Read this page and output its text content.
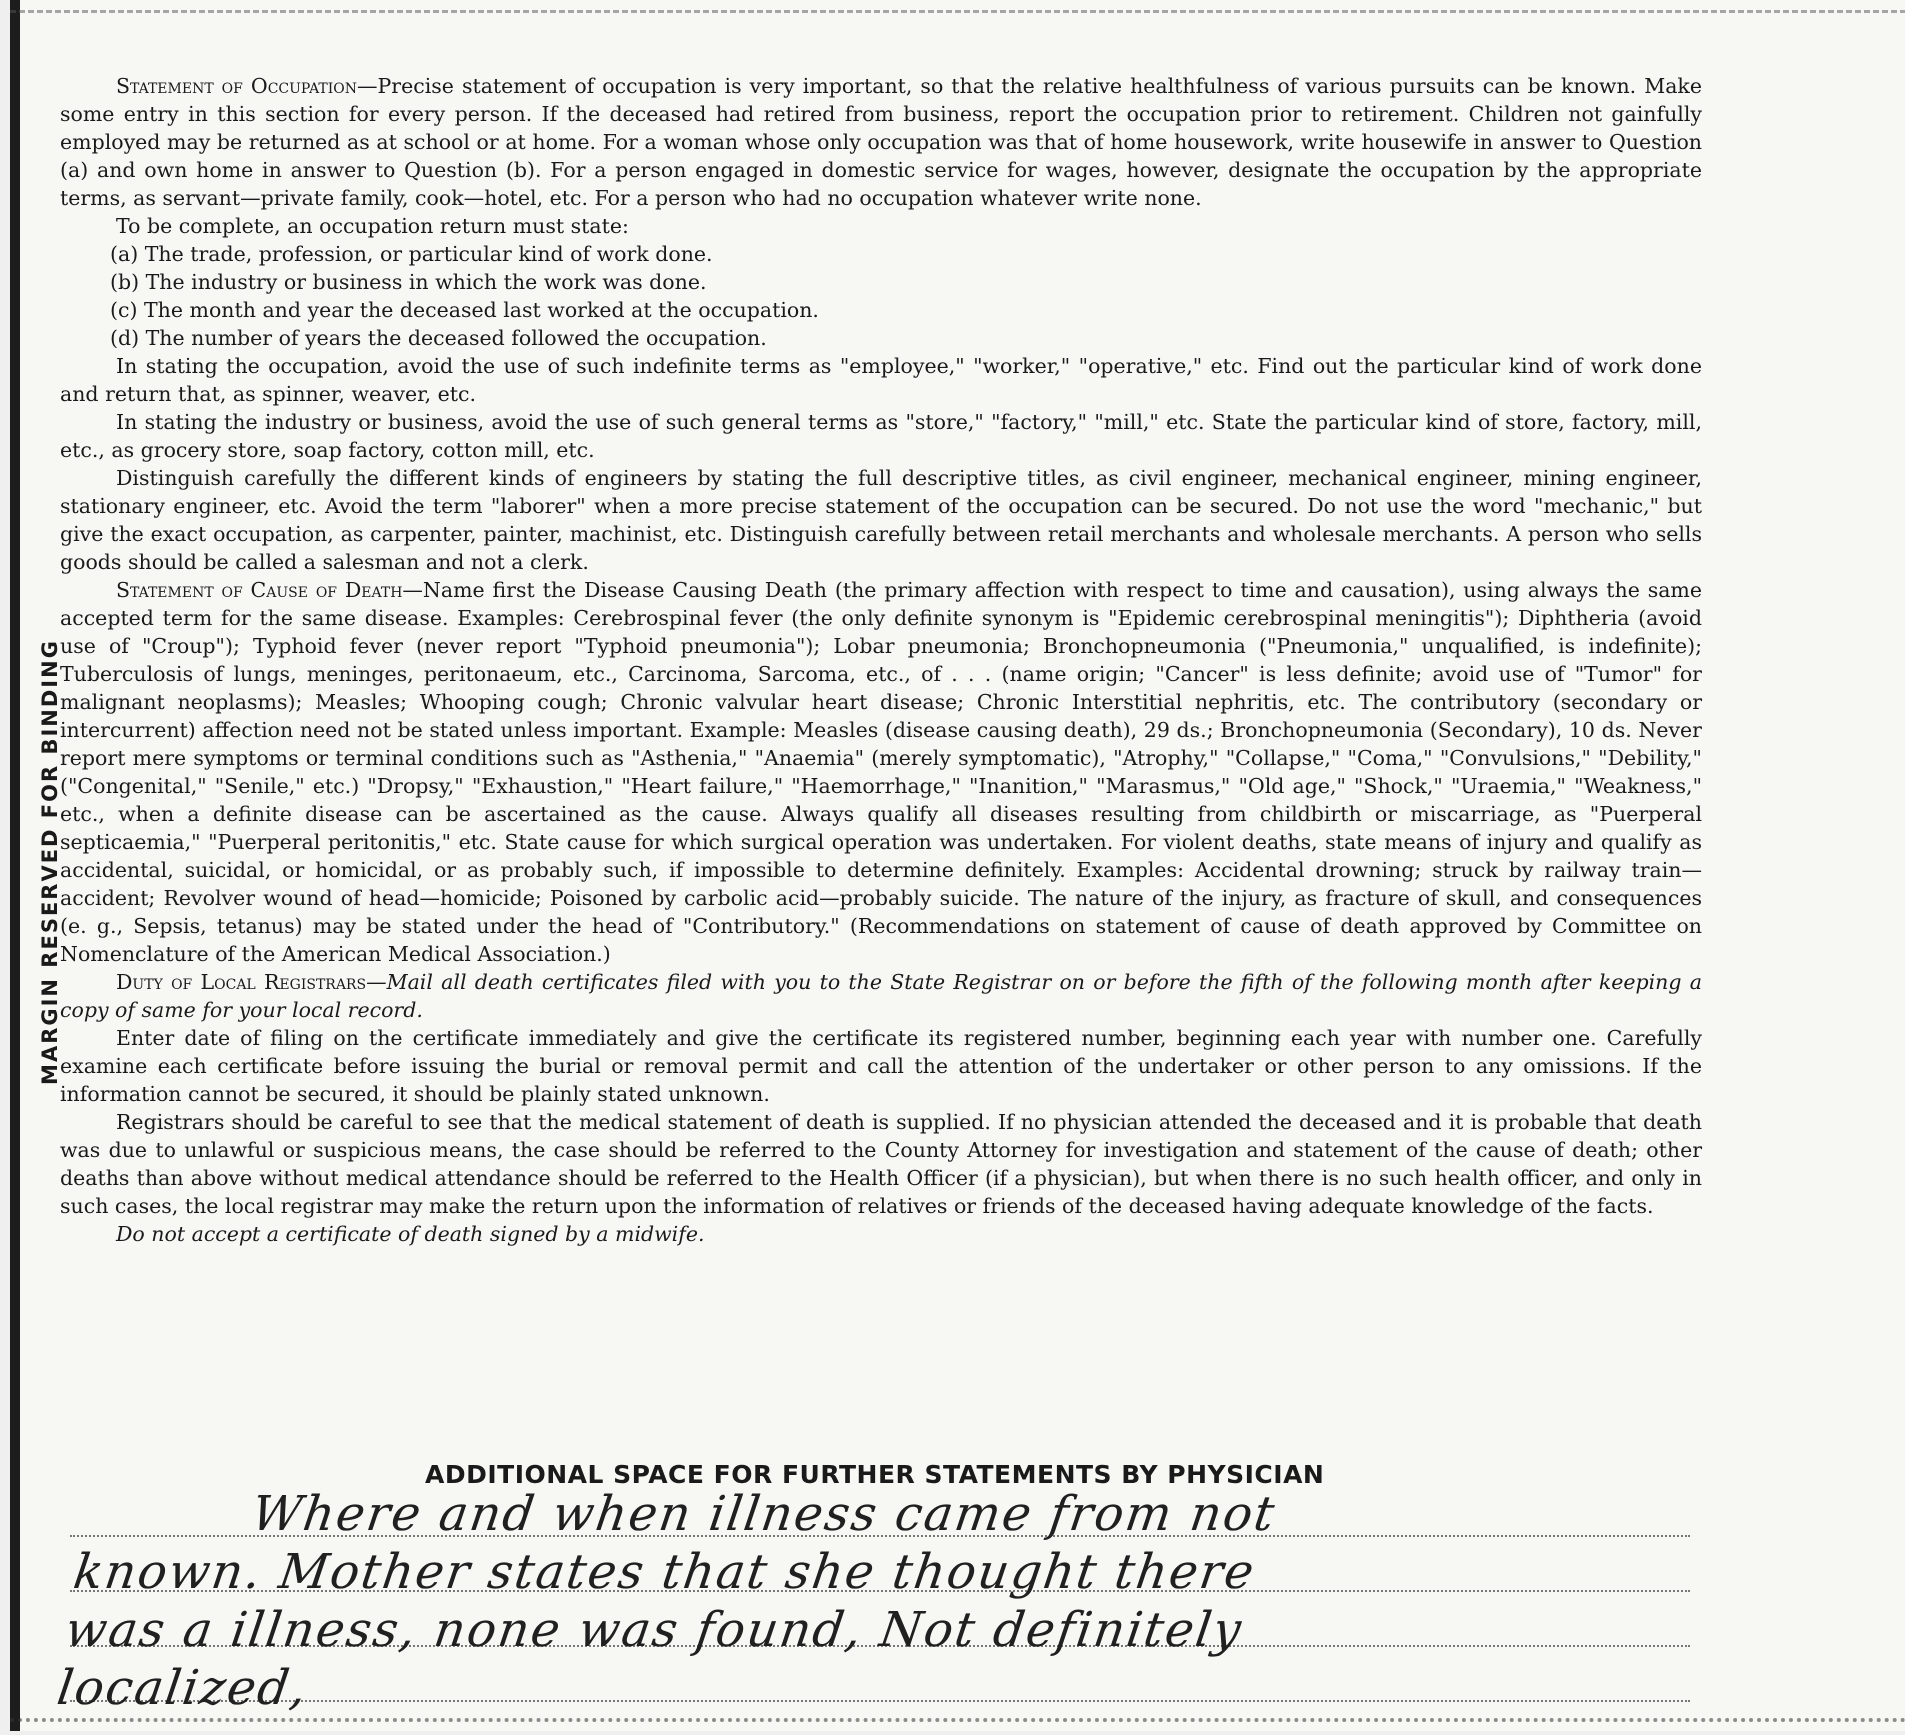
MARGIN RESERVED FOR BINDING

Statement of Occupation—Precise statement of occupation is very important, so that the relative healthfulness of various pursuits can be known. Make some entry in this section for every person. If the deceased had retired from business, report the occupation prior to retirement. Children not gainfully employed may be returned as at school or at home. For a woman whose only occupation was that of home housework, write housewife in answer to Question (a) and own home in answer to Question (b). For a person engaged in domestic service for wages, however, designate the occupation by the appropriate terms, as servant—private family, cook—hotel, etc. For a person who had no occupation whatever write none.

To be complete, an occupation return must state:

(a) The trade, profession, or particular kind of work done.

(b) The industry or business in which the work was done.

(c) The month and year the deceased last worked at the occupation.

(d) The number of years the deceased followed the occupation.

In stating the occupation, avoid the use of such indefinite terms as "employee," "worker," "operative," etc. Find out the particular kind of work done and return that, as spinner, weaver, etc.

In stating the industry or business, avoid the use of such general terms as "store," "factory," "mill," etc. State the particular kind of store, factory, mill, etc., as grocery store, soap factory, cotton mill, etc.

Distinguish carefully the different kinds of engineers by stating the full descriptive titles, as civil engineer, mechanical engineer, mining engineer, stationary engineer, etc. Avoid the term "laborer" when a more precise statement of the occupation can be secured. Do not use the word "mechanic," but give the exact occupation, as carpenter, painter, machinist, etc. Distinguish carefully between retail merchants and wholesale merchants. A person who sells goods should be called a salesman and not a clerk.

Statement of Cause of Death—Name first the Disease Causing Death (the primary affection with respect to time and causation), using always the same accepted term for the same disease. Examples: Cerebrospinal fever (the only definite synonym is "Epidemic cerebrospinal meningitis"); Diphtheria (avoid use of "Croup"); Typhoid fever (never report "Typhoid pneumonia"); Lobar pneumonia; Bronchopneumonia ("Pneumonia," unqualified, is indefinite); Tuberculosis of lungs, meninges, peritonaeum, etc., Carcinoma, Sarcoma, etc., of . . . (name origin; "Cancer" is less definite; avoid use of "Tumor" for malignant neoplasms); Measles; Whooping cough; Chronic valvular heart disease; Chronic Interstitial nephritis, etc. The contributory (secondary or intercurrent) affection need not be stated unless important. Example: Measles (disease causing death), 29 ds.; Bronchopneumonia (Secondary), 10 ds. Never report mere symptoms or terminal conditions such as "Asthenia," "Anaemia" (merely symptomatic), "Atrophy," "Collapse," "Coma," "Convulsions," "Debility," ("Congenital," "Senile," etc.) "Dropsy," "Exhaustion," "Heart failure," "Haemorrhage," "Inanition," "Marasmus," "Old age," "Shock," "Uraemia," "Weakness," etc., when a definite disease can be ascertained as the cause. Always qualify all diseases resulting from childbirth or miscarriage, as "Puerperal septicaemia," "Puerperal peritonitis," etc. State cause for which surgical operation was undertaken. For violent deaths, state means of injury and qualify as accidental, suicidal, or homicidal, or as probably such, if impossible to determine definitely. Examples: Accidental drowning; struck by railway train—accident; Revolver wound of head—homicide; Poisoned by carbolic acid—probably suicide. The nature of the injury, as fracture of skull, and consequences (e. g., Sepsis, tetanus) may be stated under the head of "Contributory." (Recommendations on statement of cause of death approved by Committee on Nomenclature of the American Medical Association.)

Duty of Local Registrars—Mail all death certificates filed with you to the State Registrar on or before the fifth of the following month after keeping a copy of same for your local record.

Enter date of filing on the certificate immediately and give the certificate its registered number, beginning each year with number one. Carefully examine each certificate before issuing the burial or removal permit and call the attention of the undertaker or other person to any omissions. If the information cannot be secured, it should be plainly stated unknown.

Registrars should be careful to see that the medical statement of death is supplied. If no physician attended the deceased and it is probable that death was due to unlawful or suspicious means, the case should be referred to the County Attorney for investigation and statement of the cause of death; other deaths than above without medical attendance should be referred to the Health Officer (if a physician), but when there is no such health officer, and only in such cases, the local registrar may make the return upon the information of relatives or friends of the deceased having adequate knowledge of the facts.

Do not accept a certificate of death signed by a midwife.

ADDITIONAL SPACE FOR FURTHER STATEMENTS BY PHYSICIAN
Where and when illness came from not
known. Mother states that she thought there
was a illness, none was found, Not definitely
localized,
